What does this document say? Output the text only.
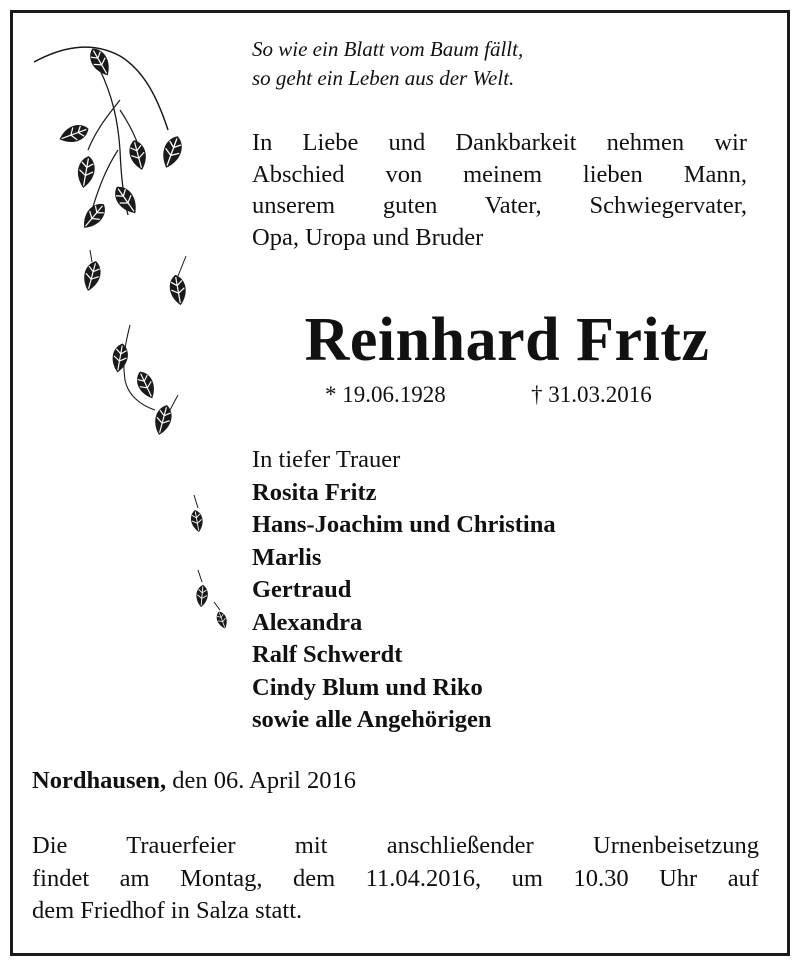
So wie ein Blatt vom Baum fällt,
so geht ein Leben aus der Welt.
In Liebe und Dankbarkeit nehmen wir
Abschied von meinem lieben Mann,
unserem guten Vater, Schwiegervater,
Opa, Uropa und Bruder
Reinhard Fritz
* 19.06.1928	† 31.03.2016
In tiefer Trauer
Rosita Fritz
Hans-Joachim und Christina
Marlis
Gertraud
Alexandra
Ralf Schwerdt
Cindy Blum und Riko
sowie alle Angehörigen
Nordhausen, den 06. April 2016
Die Trauerfeier mit anschließender Urnenbeisetzung
findet am Montag, dem 11.04.2016, um 10.30 Uhr auf
dem Friedhof in Salza statt.
